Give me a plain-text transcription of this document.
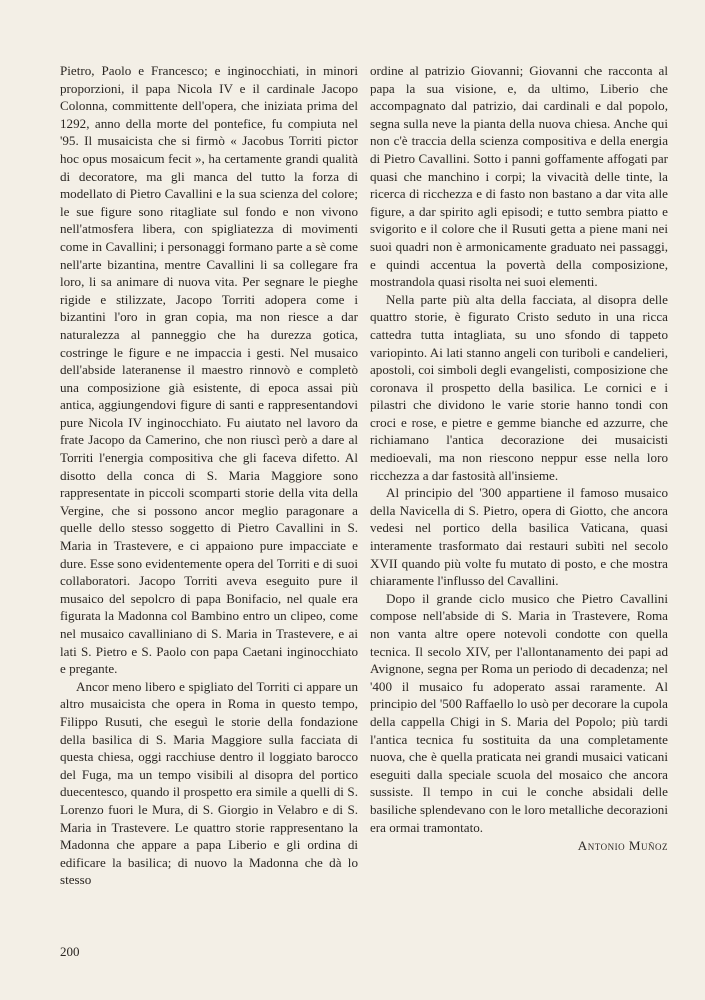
Pietro, Paolo e Francesco; e inginocchiati, in minori proporzioni, il papa Nicola IV e il cardinale Jacopo Colonna, committente dell'opera, che iniziata prima del 1292, anno della morte del pontefice, fu compiuta nel '95. Il musaicista che si firmò « Jacobus Torriti pictor hoc opus mosaicum fecit », ha certamente grandi qualità di decoratore, ma gli manca del tutto la forza di modellato di Pietro Cavallini e la sua scienza del colore; le sue figure sono ritagliate sul fondo e non vivono nell'atmosfera libera, con spigliatezza di movimenti come in Cavallini; i personaggi formano parte a sè come nell'arte bizantina, mentre Cavallini li sa collegare fra loro, li sa animare di nuova vita. Per segnare le pieghe rigide e stilizzate, Jacopo Torriti adopera come i bizantini l'oro in gran copia, ma non riesce a dar naturalezza al panneggio che ha durezza gotica, costringe le figure e ne impaccia i gesti. Nel musaico dell'abside lateranense il maestro rinnovò e completò una composizione già esistente, di epoca assai più antica, aggiungendovi figure di santi e rappresentandovi pure Nicola IV inginocchiato. Fu aiutato nel lavoro da frate Jacopo da Camerino, che non riuscì però a dare al Torriti l'energia compositiva che gli faceva difetto. Al disotto della conca di S. Maria Maggiore sono rappresentate in piccoli scomparti storie della vita della Vergine, che si possono ancor meglio paragonare a quelle dello stesso soggetto di Pietro Cavallini in S. Maria in Trastevere, e ci appaiono pure impacciate e dure. Esse sono evidentemente opera del Torriti e di suoi collaboratori. Jacopo Torriti aveva eseguito pure il musaico del sepolcro di papa Bonifacio, nel quale era figurata la Madonna col Bambino entro un clipeo, come nel musaico cavalliniano di S. Maria in Trastevere, e ai lati S. Pietro e S. Paolo con papa Caetani inginocchiato e pregante.

Ancor meno libero e spigliato del Torriti ci appare un altro musaicista che opera in Roma in questo tempo, Filippo Rusuti, che eseguì le storie della fondazione della basilica di S. Maria Maggiore sulla facciata di questa chiesa, oggi racchiuse dentro il loggiato barocco del Fuga, ma un tempo visibili al disopra del portico duecentesco, quando il prospetto era simile a quelli di S. Lorenzo fuori le Mura, di S. Giorgio in Velabro e di S. Maria in Trastevere. Le quattro storie rappresentano la Madonna che appare a papa Liberio e gli ordina di edificare la basilica; di nuovo la Madonna che dà lo stesso

ordine al patrizio Giovanni; Giovanni che racconta al papa la sua visione, e, da ultimo, Liberio che accompagnato dal patrizio, dai cardinali e dal popolo, segna sulla neve la pianta della nuova chiesa. Anche qui non c'è traccia della scienza compositiva e della energia di Pietro Cavallini. Sotto i panni goffamente affogati par quasi che manchino i corpi; la vivacità delle tinte, la ricerca di ricchezza e di fasto non bastano a dar vita alle figure, a dar spirito agli episodi; e tutto sembra piatto e svigorito e il colore che il Rusuti getta a piene mani nei suoi quadri non è armonicamente graduato nei passaggi, e quindi accentua la povertà della composizione, mostrandola quasi risolta nei suoi elementi.

Nella parte più alta della facciata, al disopra delle quattro storie, è figurato Cristo seduto in una ricca cattedra tutta intagliata, su uno sfondo di tappeto variopinto. Ai lati stanno angeli con turiboli e candelieri, apostoli, coi simboli degli evangelisti, composizione che coronava il prospetto della basilica. Le cornici e i pilastri che dividono le varie storie hanno tondi con croci e rose, e pietre e gemme bianche ed azzurre, che richiamano l'antica decorazione dei musaicisti medioevali, ma non riescono neppur esse nella loro ricchezza a dar fastosità all'insieme.

Al principio del '300 appartiene il famoso musaico della Navicella di S. Pietro, opera di Giotto, che ancora vedesi nel portico della basilica Vaticana, quasi interamente trasformato dai restauri subìti nel secolo XVII quando più volte fu mutato di posto, e che mostra chiaramente l'influsso del Cavallini.

Dopo il grande ciclo musico che Pietro Cavallini compose nell'abside di S. Maria in Trastevere, Roma non vanta altre opere notevoli condotte con quella tecnica. Il secolo XIV, per l'allontanamento dei papi ad Avignone, segna per Roma un periodo di decadenza; nel '400 il musaico fu adoperato assai raramente. Al principio del '500 Raffaello lo usò per decorare la cupola della cappella Chigi in S. Maria del Popolo; più tardi l'antica tecnica fu sostituita da una completamente nuova, che è quella praticata nei grandi musaici vaticani eseguiti dalla speciale scuola del mosaico che ancora sussiste. Il tempo in cui le conche absidali delle basiliche splendevano con le loro metalliche decorazioni era ormai tramontato.

Antonio Muñoz
200
